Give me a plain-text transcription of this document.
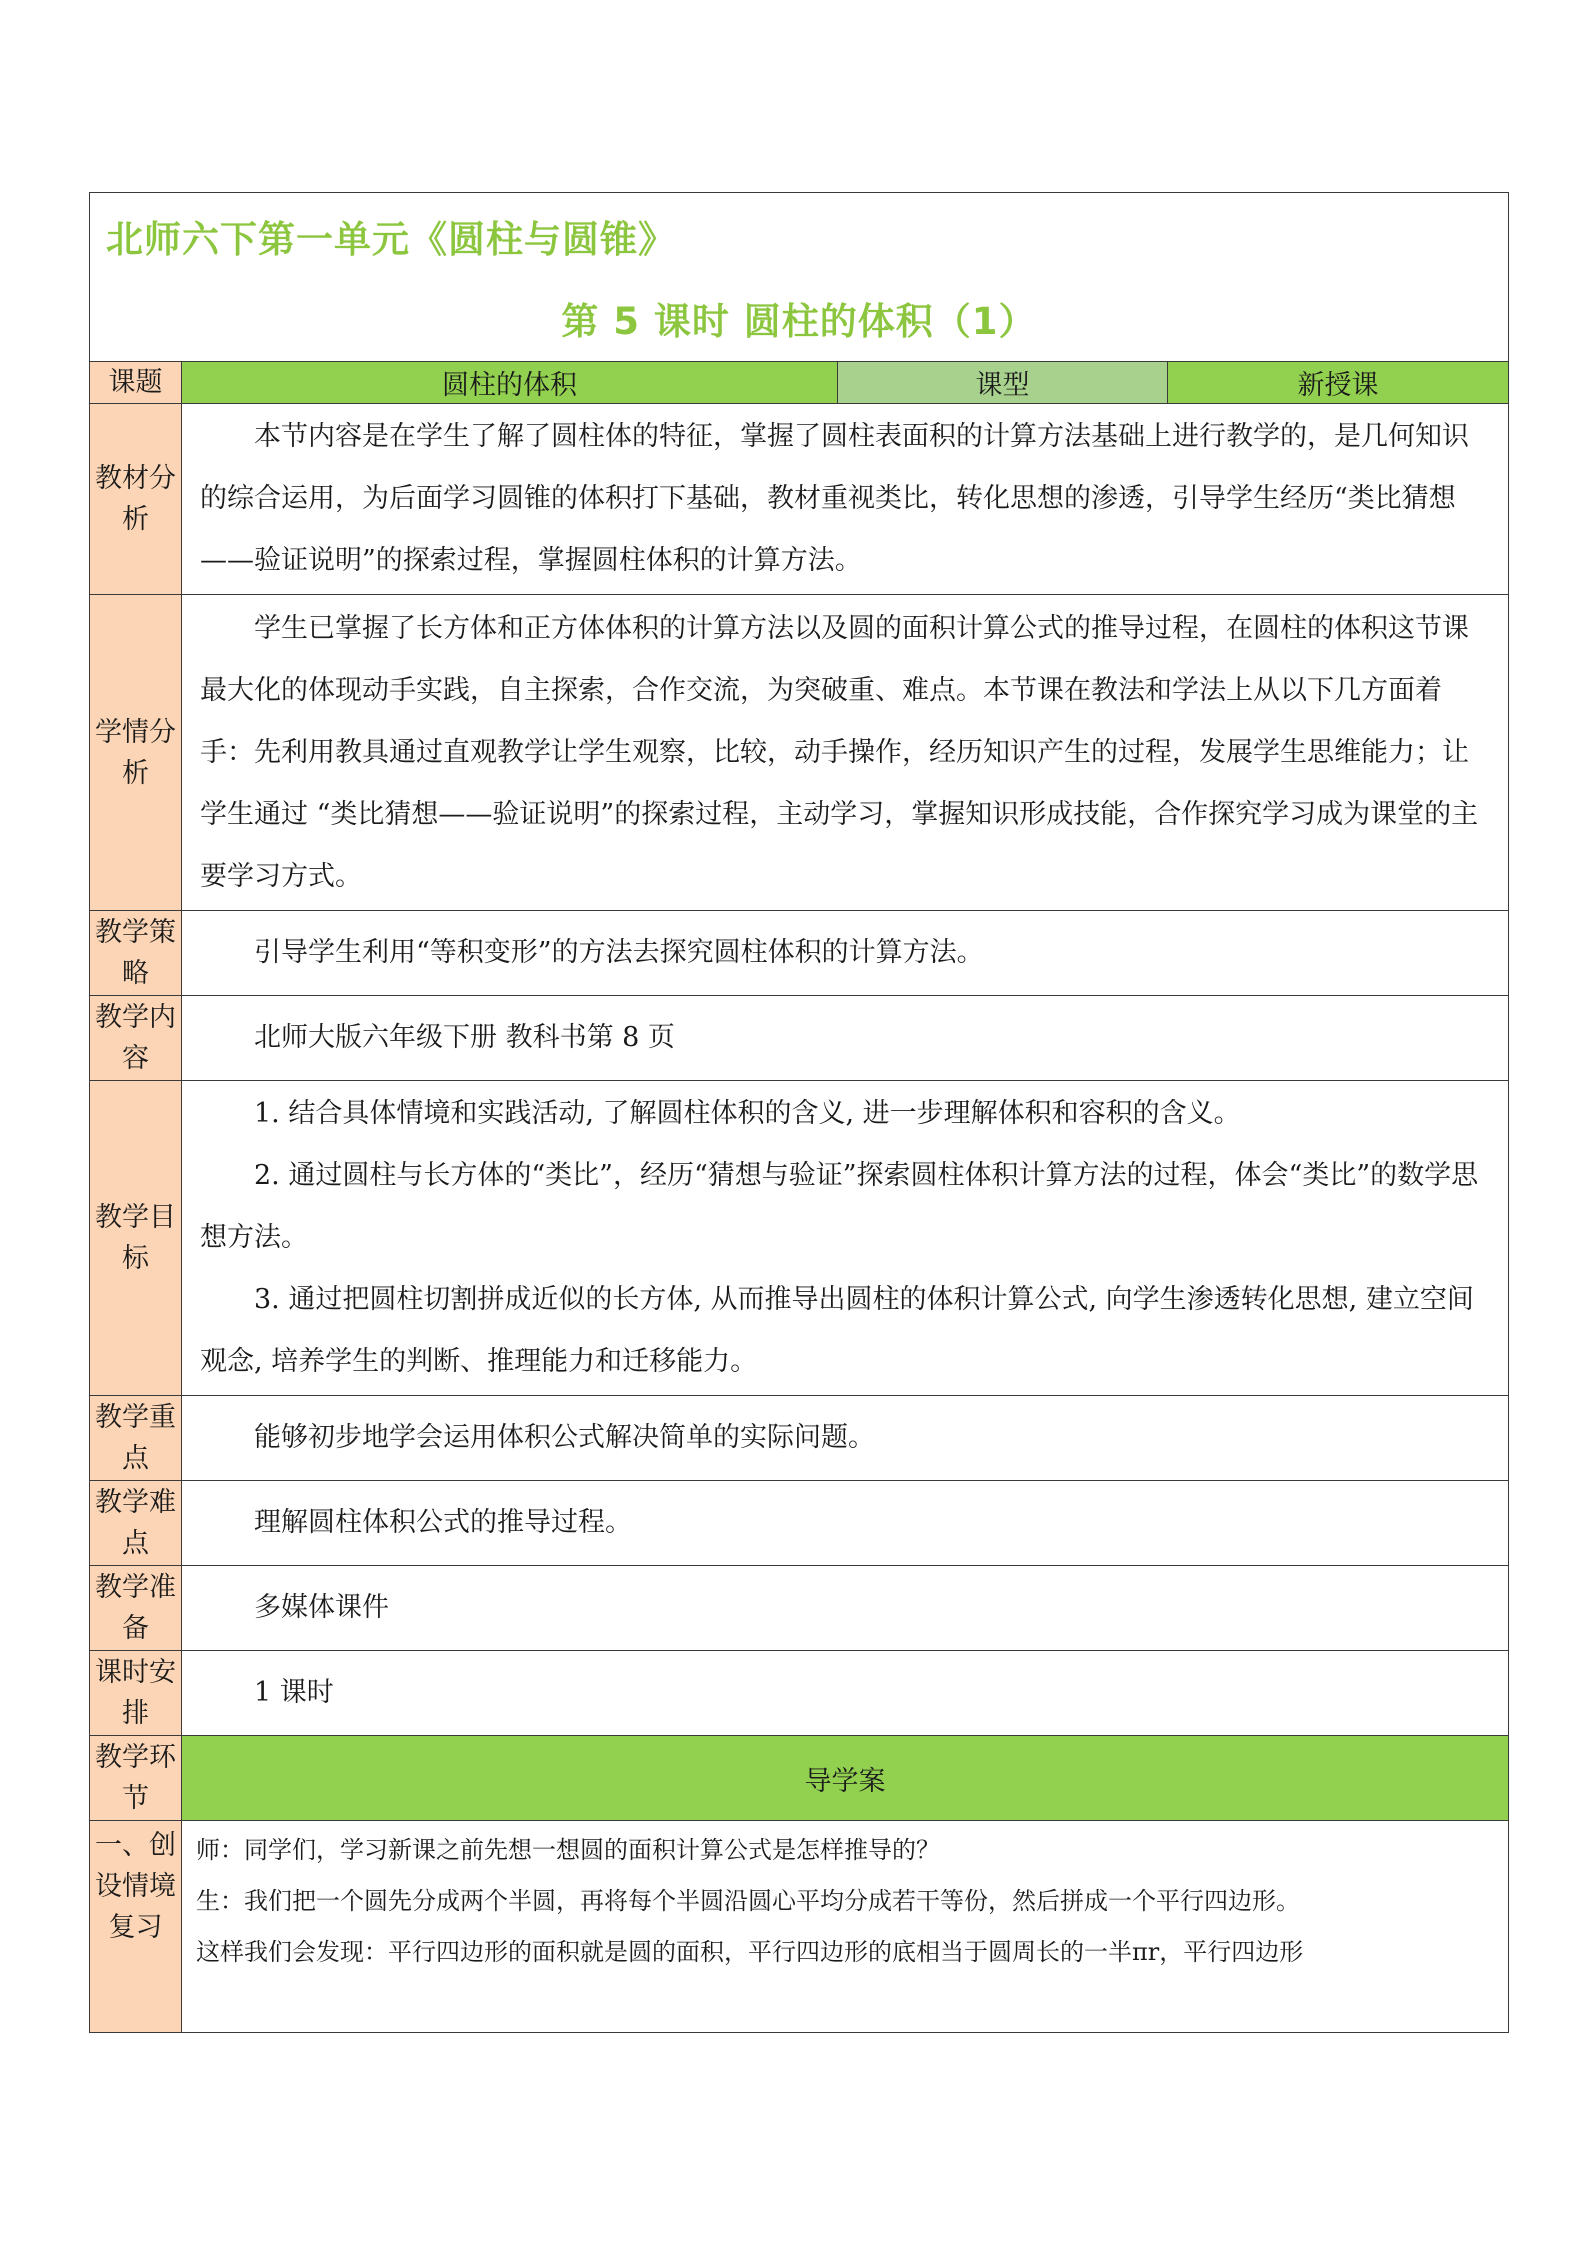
北师六下第一单元《圆柱与圆锥》
第 5 课时 圆柱的体积（1）			

课题	圆柱的体积	课型	新授课
教材分析	本节内容是在学生了解了圆柱体的特征，掌握了圆柱表面积的计算方法基础上进行教学的，是几何知识的综合运用，为后面学习圆锥的体积打下基础，教材重视类比，转化思想的渗透，引导学生经历“类比猜想——验证说明”的探索过程，掌握圆柱体积的计算方法。		

学情分析	学生已掌握了长方体和正方体体积的计算方法以及圆的面积计算公式的推导过程，在圆柱的体积这节课最大化的体现动手实践，自主探索，合作交流，为突破重、难点。本节课在教法和学法上从以下几方面着手：先利用教具通过直观教学让学生观察，比较，动手操作，经历知识产生的过程，发展学生思维能力；让学生通过 “类比猜想——验证说明”的探索过程，主动学习，掌握知识形成技能，合作探究学习成为课堂的主要学习方式。		

教学策略	引导学生利用“等积变形”的方法去探究圆柱体积的计算方法。		

教学内容	北师大版六年级下册 教科书第 8 页		

教学目标	1. 结合具体情境和实践活动, 了解圆柱体积的含义, 进一步理解体积和容积的含义。

2. 通过圆柱与长方体的“类比”，经历“猜想与验证”探索圆柱体积计算方法的过程，体会“类比”的数学思想方法。

3. 通过把圆柱切割拼成近似的长方体, 从而推导出圆柱的体积计算公式, 向学生渗透转化思想, 建立空间观念, 培养学生的判断、推理能力和迁移能力。		

教学重点	能够初步地学会运用体积公式解决简单的实际问题。		

教学难点	理解圆柱体积公式的推导过程。		

教学准备	多媒体课件		

课时安排	1 课时		

教学环节	导学案		
一、创设情境复习	师：同学们，学习新课之前先想一想圆的面积计算公式是怎样推导的？

生：我们把一个圆先分成两个半圆，再将每个半圆沿圆心平均分成若干等份，然后拼成一个平行四边形。

这样我们会发现：平行四边形的面积就是圆的面积，平行四边形的底相当于圆周长的一半πr，平行四边形		
